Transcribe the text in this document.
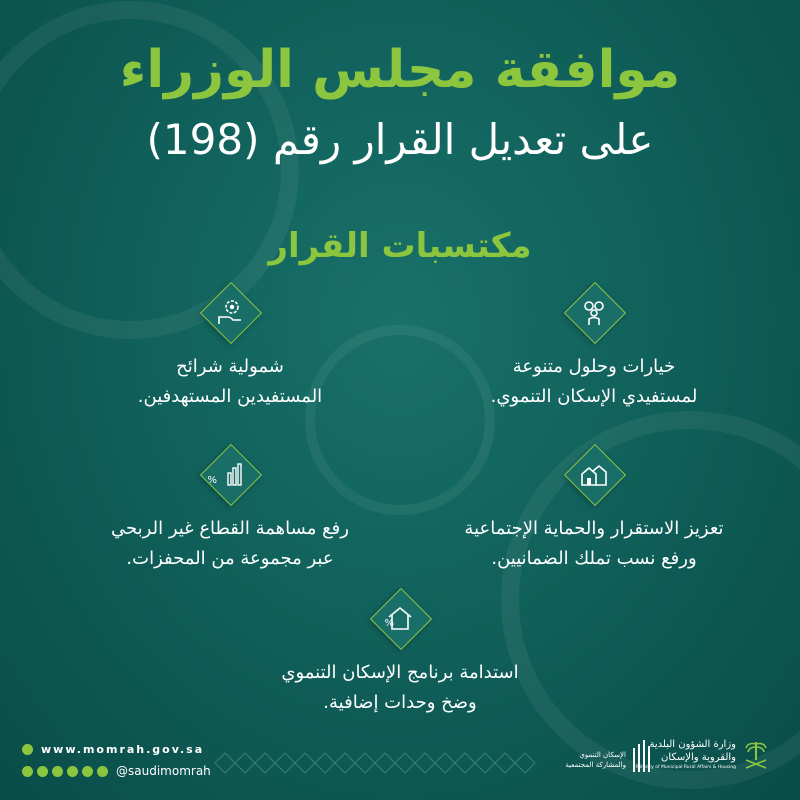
موافقة مجلس الوزراء
على تعديل القرار رقم (198)
مكتسبات القرار
خيارات وحلول متنوعة
لمستفيدي الإسكان التنموي.
شمولية شرائح
المستفيدين المستهدفين.
تعزيز الاستقرار والحماية الإجتماعية
ورفع نسب تملك الضمانيين.
%
رفع مساهمة القطاع غير الربحي
عبر مجموعة من المحفزات.
%
استدامة برنامج الإسكان التنموي
وضخ وحدات إضافية.
www.momrah.gov.sa
@saudimomrah
الإسكان التنموي
والمشاركة المجتمعية
وزارة الشؤون البلدية
والقروية والإسكان
Ministry of Municipal Rural Affairs & Housing
